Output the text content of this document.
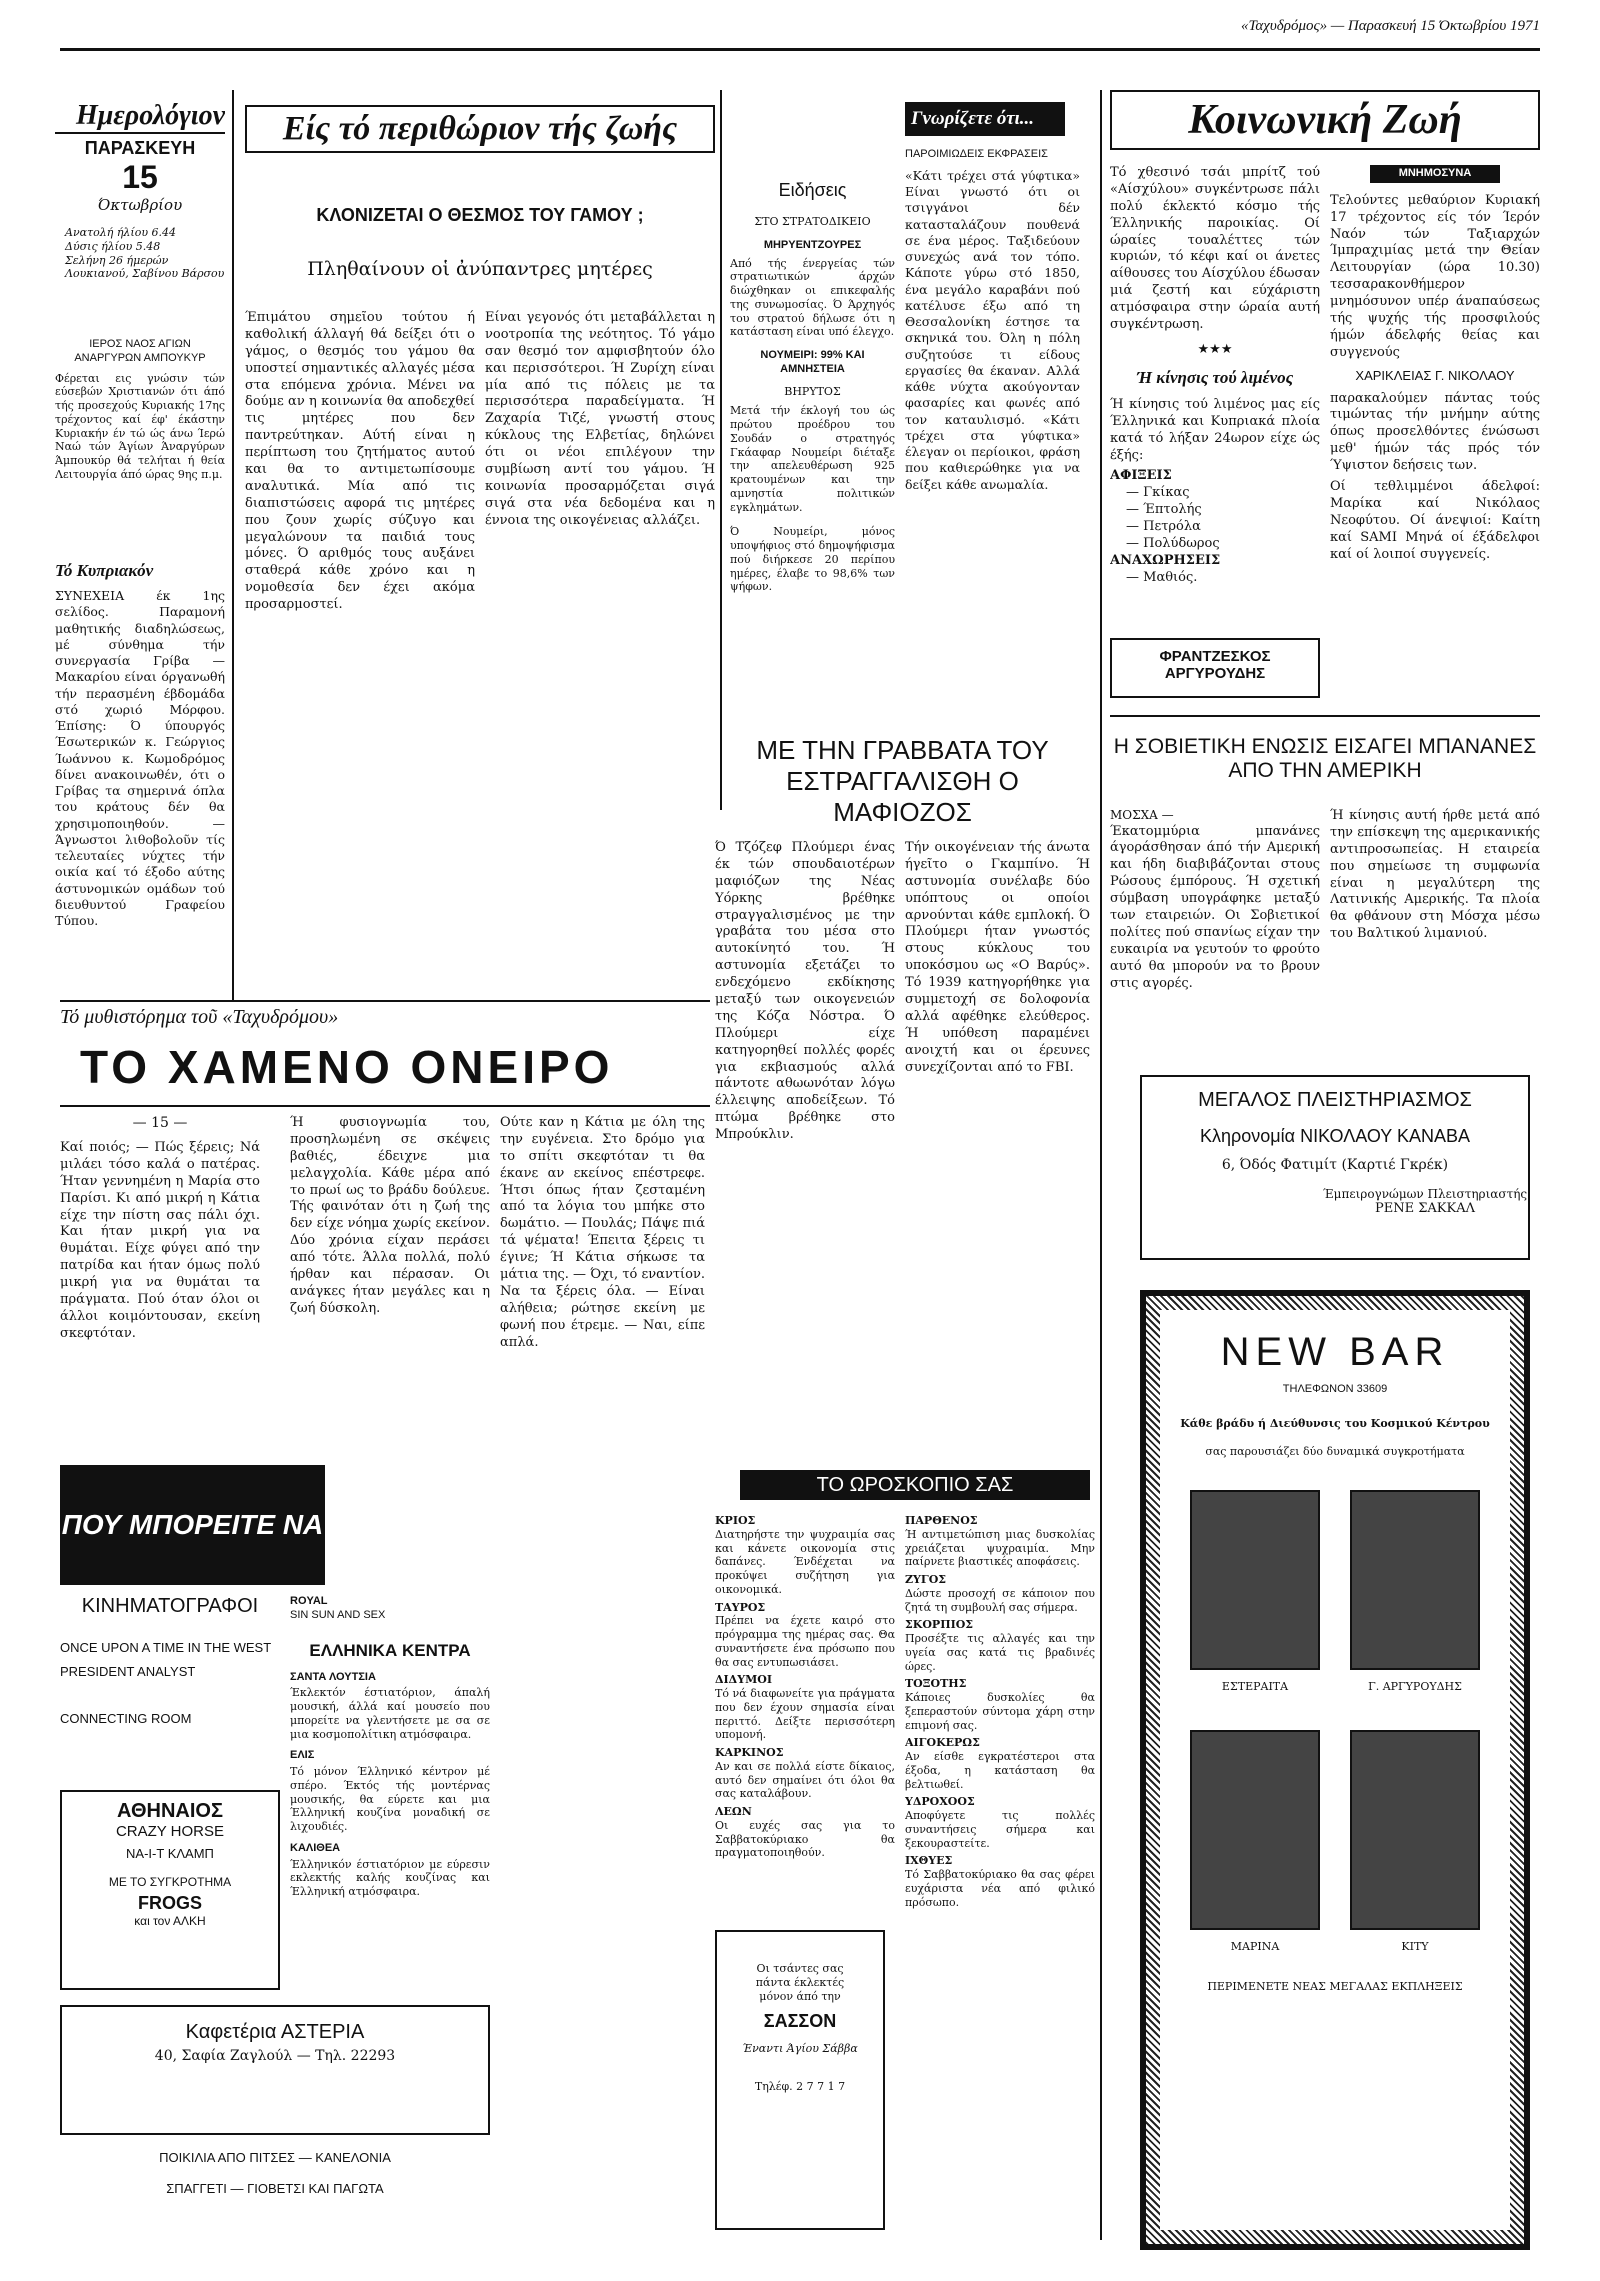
«Ταχυδρόμος» — Παρασκευή 15 Όκτωβρίου 1971
Ημερολόγιον
ΠΑΡΑΣΚΕΥΗ
15
Όκτωβρίου
Ανατολή ήλίου 6.44
Δύσις ήλίου 5.48
Σελήνη 26 ήμερών
Λουκιανού, Σαβίνου Βάρσου
ΙΕΡΟΣ ΝΑΟΣ ΑΓΙΩΝ ΑΝΑΡΓΥΡΩΝ ΑΜΠΟΥΚΥΡ

Φέρεται εις γνώσιν τών εύσεβών Χριστιανών ότι άπό τής προσεχούς Κυριακής 17ης τρέχοντος καί έφ' έκάστην Κυριακήν έν τώ ώς άνω Ίερώ Ναώ τών Άγίων Άναργύρων Άμπουκύρ θά τελήται ή θεία Λειτουργία άπό ώρας 9ης π.μ.

Τό Κυπριακόν

ΣΥΝΕΧΕΙΑ έκ 1ης σελίδος. Παραμονή μαθητικής διαδηλώσεως, μέ σύνθημα τήν συνεργασία Γρίβα — Μακαρίου είναι όργανωθή τήν περασμένη έβδομάδα στό χωριό Μόρφου. Έπίσης: Ό ύπουργός Έσωτερικών κ. Γεώργιος Ίωάννου κ. Κωμοδρόμος δίνει ανακοινωθέν, ότι ο Γρίβας τα σημερινά όπλα του κράτους δέν θα χρησιμοποιηθούν. — Άγνωστοι λιθοβολοῦν τίς τελευταίες νύχτες τήν οικία καί τό έξοδο αύτης άστυνομικών ομάδων τού διευθυντού Γραφείου Τύπου.

Είς τό περιθώριον τής ζωής
ΚΛΟΝΙΖΕΤΑΙ Ο ΘΕΣΜΟΣ ΤΟΥ ΓΑΜΟΥ ;
Πληθαίνουν οἱ ἀνύπαντρες μητέρες

Έπιμάτου σημεῖου τούτου ή καθολική άλλαγή θά δείξει ότι ο γάμος, ο θεσμός του γάμου θα υποστεί σημαντικές αλλαγές μέσα στα επόμενα χρόνια. Μένει να δούμε αν η κοινωνία θα αποδεχθεί τις μητέρες που δεν παντρεύτηκαν. Αύτή είναι η περίπτωση του ζητήματος αυτού και θα το αντιμετωπίσουμε αναλυτικά. Μία από τις διαπιστώσεις αφορά τις μητέρες που ζουν χωρίς σύζυγο και μεγαλώνουν τα παιδιά τους μόνες. Ό αριθμός τους αυξάνει σταθερά κάθε χρόνο και η νομοθεσία δεν έχει ακόμα προσαρμοστεί.

Είναι γεγονός ότι μεταβάλλεται η νοοτροπία της νεότητος. Τό γάμο σαν θεσμό τον αμφισβητούν όλο και περισσότεροι. Ή Ζυρίχη είναι μία από τις πόλεις με τα περισσότερα παραδείγματα. Ή Ζαχαρία Τιζέ, γνωστή στους κύκλους της Ελβετίας, δηλώνει ότι οι νέοι επιλέγουν την συμβίωση αντί του γάμου. Ή κοινωνία προσαρμόζεται σιγά σιγά στα νέα δεδομένα και η έννοια της οικογένειας αλλάζει.

Ειδήσεις
ΣΤΟ ΣΤΡΑΤΟΔΙΚΕΙΟ
ΜΗΡΥΕΝΤΖΟΥΡΕΣ

Από τής ένεργείας τών στρατιωτικών άρχών διώχθηκαν οι επικεφαλής της συνωμοσίας. Ό Άρχηγός του στρατού δήλωσε ότι η κατάσταση είναι υπό έλεγχο.

ΝΟΥΜΕΙΡΙ: 99% ΚΑΙ ΑΜΝΗΣΤΕΙΑ
ΒΗΡΥΤΟΣ

Μετά τήν έκλογή του ώς πρώτου προέδρου του Σουδάν ο στρατηγός Γκάαφαρ Νουμείρι διέταξε την απελευθέρωση 925 κρατουμένων και την αμνηστία πολιτικών εγκλημάτων.

Ό Νουμείρι, μόνος υποψήφιος στό δημοψήφισμα πού διήρκεσε 20 περίπου ημέρες, έλαβε το 98,6% των ψήφων.

Γνωρίζετε ότι...
ΠΑΡΟΙΜΙΩΔΕΙΣ ΕΚΦΡΑΣΕΙΣ

«Κάτι τρέχει στά γύφτικα» Είναι γνωστό ότι οι τσιγγάνοι δέν κατασταλάζουν πουθενά σε ένα μέρος. Ταξιδεύουν συνεχώς ανά τον τόπο. Κάποτε γύρω στό 1850, ένα μεγάλο καραβάνι πού κατέλυσε έξω από τη Θεσσαλονίκη έστησε τα σκηνικά του. Όλη η πόλη συζητούσε τι είδους εργασίες θα έκαναν. Αλλά κάθε νύχτα ακούγονταν φασαρίες και φωνές από τον καταυλισμό. «Κάτι τρέχει στα γύφτικα» έλεγαν οι περίοικοι, φράση που καθιερώθηκε για να δείξει κάθε ανωμαλία.

ΜΕ ΤΗΝ ΓΡΑΒΒΑΤΑ ΤΟΥ ΕΣΤΡΑΓΓΑΛΙΣΘΗ Ο ΜΑΦΙΟΖΟΣ

Ό Τζόζεφ Πλούμερι ένας έκ τών σπουδαιοτέρων μαφιόζων της Νέας Υόρκης βρέθηκε στραγγαλισμένος με την γραβάτα του μέσα στο αυτοκίνητό του. Ή αστυνομία εξετάζει το ενδεχόμενο εκδίκησης μεταξύ των οικογενειών της Κόζα Νόστρα. Ό Πλούμερι είχε κατηγορηθεί πολλές φορές για εκβιασμούς αλλά πάντοτε αθωωνόταν λόγω έλλειψης αποδείξεων. Τό πτώμα βρέθηκε στο Μπρούκλιν.

Τήν οικογένειαν τής άνωτα ήγεῖτο ο Γκαμπίνο. Ή αστυνομία συνέλαβε δύο υπόπτους οι οποίοι αρνούνται κάθε εμπλοκή. Ό Πλούμερι ήταν γνωστός στους κύκλους του υποκόσμου ως «Ο Βαρύς». Τό 1939 κατηγορήθηκε για συμμετοχή σε δολοφονία αλλά αφέθηκε ελεύθερος. Ή υπόθεση παραμένει ανοιχτή και οι έρευνες συνεχίζονται από το FBI.

Τό μυθιστόρημα τοῦ «Ταχυδρόμου»
ΤΟ ΧΑΜΕΝΟ ΟΝΕΙΡΟ
— 15 —

Καί ποιός; — Πώς ξέρεις; Νά μιλάει τόσο καλά ο πατέρας. Ήταν γεννημένη η Μαρία στο Παρίσι. Κι από μικρή η Κάτια είχε την πίστη σας πάλι όχι. Και ήταν μικρή για να θυμάται. Είχε φύγει από την πατρίδα και ήταν όμως πολύ μικρή για να θυμάται τα πράγματα. Πού όταν όλοι οι άλλοι κοιμόντουσαν, εκείνη σκεφτόταν.

Ή φυσιογνωμία του, προσηλωμένη σε σκέψεις βαθιές, έδειχνε μια μελαγχολία. Κάθε μέρα από το πρωί ως το βράδυ δούλευε. Τής φαινόταν ότι η ζωή της δεν είχε νόημα χωρίς εκείνον. Δύο χρόνια είχαν περάσει από τότε. Άλλα πολλά, πολύ ήρθαν και πέρασαν. Οι ανάγκες ήταν μεγάλες και η ζωή δύσκολη.

Ούτε καν η Κάτια με όλη της την ευγένεια. Στο δρόμο για το σπίτι σκεφτόταν τι θα έκανε αν εκείνος επέστρεφε. Ήτσι όπως ήταν ζεσταμένη από τα λόγια του μπήκε στο δωμάτιο. — Πουλάς; Πάψε πιά τά ψέματα! Έπειτα ξέρεις τι έγινε; Ή Κάτια σήκωσε τα μάτια της. — Όχι, τό εναντίον. Να τα ξέρεις όλα. — Είναι αλήθεια; ρώτησε εκείνη με φωνή που έτρεμε. — Ναι, είπε απλά.

ΠΟΥ ΜΠΟΡΕΙΤΕ ΝΑ
ΚΙΝΗΜΑΤΟΓΡΑΦΟΙ
ONCE UPON A TIME IN THE WEST
PRESIDENT ANALYST
CONNECTING ROOM
ΑΘΗΝΑΙΟΣ
CRAZY HORSE
ΝΑ-Ι-Τ ΚΛΑΜΠ
ΜΕ ΤΟ ΣΥΓΚΡΟΤΗΜΑ
FROGS
και τον ΑΛΚΗ
ROYAL
SIN SUN AND SEX
ΕΛΛΗΝΙΚΑ ΚΕΝΤΡΑ
ΣΑΝΤΑ ΛΟΥΤΣΙΑ

Έκλεκτόν έστιατόριον, άπαλή μουσική, άλλά καί μουσείο που μπορείτε να γλεντήσετε με σα σε μια κοσμοπολίτικη ατμόσφαιρα.

ΕΛΙΣ

Τό μόνον Έλληνικό κέντρον μέ σπέρο. Έκτός τής μοντέρνας μουσικής, θα εύρετε και μια Έλληνική κουζίνα μοναδική σε λιχουδιές.

ΚΑΛΙΘΕΑ

Έλληνικόν έστιατόριον με εύρεσιν εκλεκτής καλής κουζίνας και Έλληνική ατμόσφαιρα.

Καφετέρια ΑΣΤΕΡΙΑ
40, Σαφία Ζαγλούλ — Τηλ. 22293
ΠΟΙΚΙΛΙΑ ΑΠΟ ΠΙΤΣΕΣ — ΚΑΝΕΛΟΝΙΑ
ΣΠΑΓΓΕΤΙ — ΓΙΟΒΕΤΣΙ ΚΑΙ ΠΑΓΩΤΑ
ΤΟ ΩΡΟΣΚΟΠΙΟ ΣΑΣ
ΚΡΙΟΣ

Διατηρήστε την ψυχραιμία σας και κάνετε οικονομία στις δαπάνες. Ένδέχεται να προκύψει συζήτηση για οικονομικά.

ΤΑΥΡΟΣ

Πρέπει να έχετε καιρό στο πρόγραμμα της ημέρας σας. Θα συναντήσετε ένα πρόσωπο που θα σας εντυπωσιάσει.

ΔΙΔΥΜΟΙ

Τό νά διαφωνείτε για πράγματα που δεν έχουν σημασία είναι περιττό. Δείξτε περισσότερη υπομονή.

ΚΑΡΚΙΝΟΣ

Αν και σε πολλά είστε δίκαιος, αυτό δεν σημαίνει ότι όλοι θα σας καταλάβουν.

ΛΕΩΝ

Οι ευχές σας για το Σαββατοκύριακο θα πραγματοποιηθούν.

ΠΑΡΘΕΝΟΣ

Ή αντιμετώπιση μιας δυσκολίας χρειάζεται ψυχραιμία. Μην παίρνετε βιαστικές αποφάσεις.

ΖΥΓΟΣ

Δώστε προσοχή σε κάποιον που ζητά τη συμβουλή σας σήμερα.

ΣΚΟΡΠΙΟΣ

Προσέξτε τις αλλαγές και την υγεία σας κατά τις βραδινές ώρες.

ΤΟΞΟΤΗΣ

Κάποιες δυσκολίες θα ξεπεραστούν σύντομα χάρη στην επιμονή σας.

ΑΙΓΟΚΕΡΩΣ

Αν είσθε εγκρατέστεροι στα έξοδα, η κατάσταση θα βελτιωθεί.

ΥΔΡΟΧΟΟΣ

Αποφύγετε τις πολλές συναντήσεις σήμερα και ξεκουραστείτε.

ΙΧΘΥΕΣ

Τό Σαββατοκύριακο θα σας φέρει ευχάριστα νέα από φιλικό πρόσωπο.

Οι τσάντες σας
πάντα έκλεκτές
μόνον άπό την
ΣΑΣΣΟΝ
Έναντι Άγίου Σάββα
Τηλέφ. 2 7 7 1 7
Κοινωνική Ζωή

Τό χθεσινό τσάι μπρίτζ τού «Αίσχύλου» συγκέντρωσε πάλι πολύ έκλεκτό κόσμο τής Έλληνικής παροικίας. Οί ώραίες τουαλέττες τών κυριών, τό κέφι καί οι άνετες αίθουσες του Αίσχύλου έδωσαν μιά ζεστή και εύχάριστη ατμόσφαιρα στην ώραία αυτή συγκέντρωση.

★★★
Ή κίνησις τού λιμένος

Ή κίνησις τού λιμένος μας είς Έλληνικά και Κυπριακά πλοία κατά τό λήξαν 24ωρον είχε ώς έξής:

ΑΦΙΞΕΙΣ
— Γκίκας
— Έπτολής
— Πετρόλα
— Πολύδωρος
ΑΝΑΧΩΡΗΣΕΙΣ
— Μαθιός.
ΦΡΑΝΤΖΕΣΚΟΣ ΑΡΓΥΡΟΥΔΗΣ
ΜΝΗΜΟΣΥΝΑ

Τελούντες μεθαύριον Κυριακή 17 τρέχοντος είς τόν Ίερόν Ναόν τών Ταξιαρχών Ίμπραχιμίας μετά την Θείαν Λειτουργίαν (ώρα 10.30) τεσσαρακονθήμερον μνημόσυνον υπέρ άναπαύσεως τής ψυχής τής προσφιλούς ήμών άδελφής θείας και συγγενούς

ΧΑΡΙΚΛΕΙΑΣ Γ. ΝΙΚΟΛΑΟΥ

παρακαλούμεν πάντας τούς τιμώντας τήν μνήμην αύτης όπως προσελθόντες ένώσωσι μεθ' ήμών τάς πρός τόν Ύψιστον δεήσεις των.

Οί τεθλιμμένοι άδελφοί: Μαρίκα καί Νικόλαος Νεοφύτου. Οί άνεψιοί: Καίτη καί SAMI Μηνά οί έξάδελφοι καί οί λοιποί συγγενείς.

Η ΣΟΒΙΕΤΙΚΗ ΕΝΩΣΙΣ ΕΙΣΑΓΕΙ ΜΠΑΝΑΝΕΣ ΑΠΟ ΤΗΝ ΑΜΕΡΙΚΗ
ΜΟΣΧΑ —

Έκατομμύρια μπανάνες άγοράσθησαν άπό τήν Αμερική και ήδη διαβιβάζονται στους Ρώσους έμπόρους. Ή σχετική σύμβαση υπογράφηκε μεταξύ των εταιρειών. Οι Σοβιετικοί πολίτες πού σπανίως είχαν την ευκαιρία να γευτούν το φρούτο αυτό θα μπορούν να το βρουν στις αγορές.

Ή κίνησις αυτή ήρθε μετά από την επίσκεψη της αμερικανικής αντιπροσωπείας. Η εταιρεία που σημείωσε τη συμφωνία είναι η μεγαλύτερη της Λατινικής Αμερικής. Τα πλοία θα φθάνουν στη Μόσχα μέσω του Βαλτικού λιμανιού.

ΜΕΓΑΛΟΣ ΠΛΕΙΣΤΗΡΙΑΣΜΟΣ
Κληρονομία ΝΙΚΟΛΑΟΥ ΚΑΝΑΒΑ
6, Όδός Φατιμίτ (Καρτιέ Γκρέκ)
Έμπειρογνώμων Πλειστηριαστής
ΡΕΝΕ ΣΑΚΚΑΛ
NEW BAR
ΤΗΛΕΦΩΝΟΝ 33609
Κάθε βράδυ ή Διεύθυνσις του Κοσμικού Κέντρου
σας παρουσιάζει δύο δυναμικά συγκροτήματα
ΕΣΤΕΡΑΙΤΑ	Γ. ΑΡΓΥΡΟΥΔΗΣ
ΜΑΡΙΝΑ	ΚΙΤΥ
ΠΕΡΙΜΕΝΕΤΕ ΝΕΑΣ ΜΕΓΑΛΑΣ ΕΚΠΛΗΞΕΙΣ
